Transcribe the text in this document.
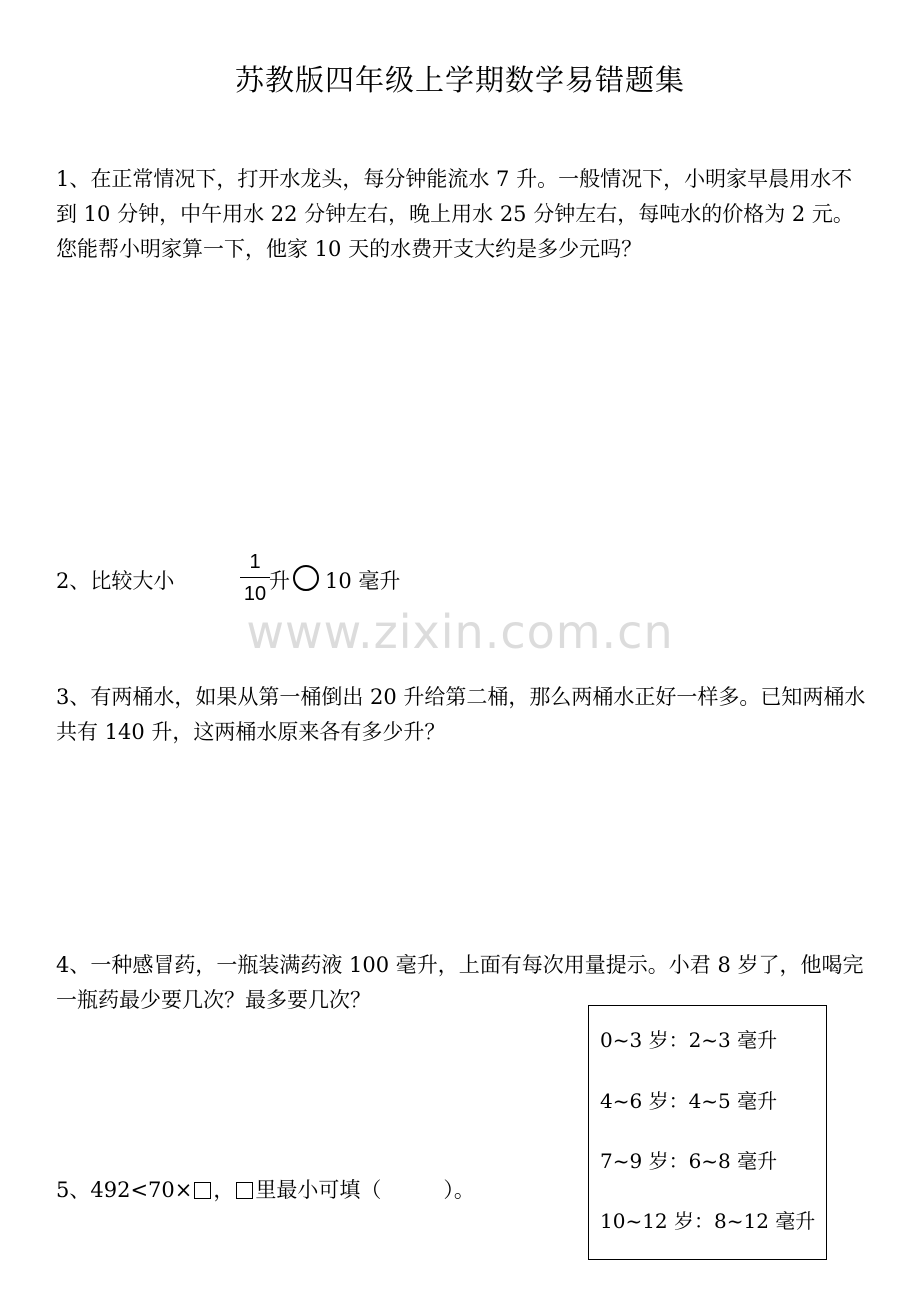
苏教版四年级上学期数学易错题集
1、在正常情况下，打开水龙头，每分钟能流水 7 升。一般情况下，小明家早晨用水不到 10 分钟，中午用水 22 分钟左右，晚上用水 25 分钟左右，每吨水的价格为 2 元。您能帮小明家算一下，他家 10 天的水费开支大约是多少元吗？
2、比较大小
1
10
升 10 毫升
www.zixin.com.cn
3、有两桶水，如果从第一桶倒出 20 升给第二桶，那么两桶水正好一样多。已知两桶水共有 140 升，这两桶水原来各有多少升？
4、一种感冒药，一瓶装满药液 100 毫升，上面有每次用量提示。小君 8 岁了，他喝完一瓶药最少要几次？最多要几次？
0~3 岁：2~3 毫升
4~6 岁：4~5 毫升
7~9 岁：6~8 毫升
10~12 岁：8~12 毫升
5、492<70× ， 里最小可填（	）。
